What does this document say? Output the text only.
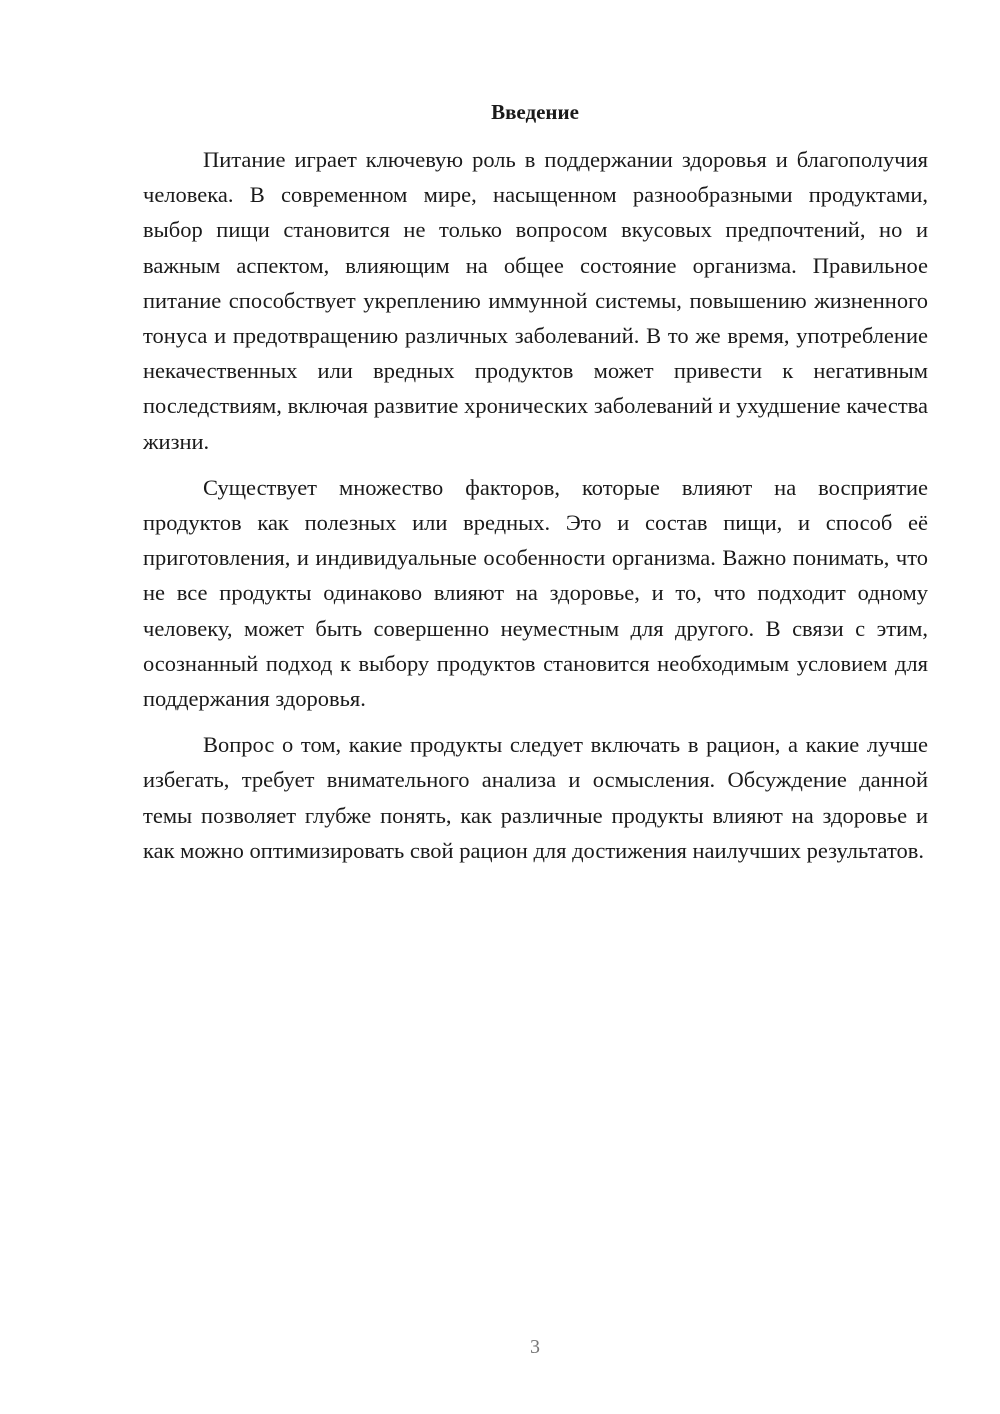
Введение

Питание играет ключевую роль в поддержании здоровья и благополучия человека. В современном мире, насыщенном разнообразными продуктами, выбор пищи становится не только вопросом вкусовых предпочтений, но и важным аспектом, влияющим на общее состояние организма. Правильное питание способствует укреплению иммунной системы, повышению жизненного тонуса и предотвращению различных заболеваний. В то же время, употребление некачественных или вредных продуктов может привести к негативным последствиям, включая развитие хронических заболеваний и ухудшение качества жизни.

Существует множество факторов, которые влияют на восприятие продуктов как полезных или вредных. Это и состав пищи, и способ её приготовления, и индивидуальные особенности организма. Важно понимать, что не все продукты одинаково влияют на здоровье, и то, что подходит одному человеку, может быть совершенно неуместным для другого. В связи с этим, осознанный подход к выбору продуктов становится необходимым условием для поддержания здоровья.

Вопрос о том, какие продукты следует включать в рацион, а какие лучше избегать, требует внимательного анализа и осмысления. Обсуждение данной темы позволяет глубже понять, как различные продукты влияют на здоровье и как можно оптимизировать свой рацион для достижения наилучших результатов.

3
